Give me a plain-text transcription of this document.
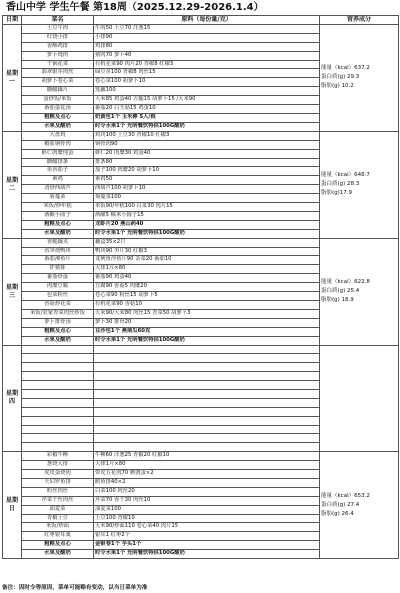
香山中学 学生午餐 第18周（2025.12.29-2026.1.4）
日期	菜名	原料（每份量/克）	营养成分
星期一	土豆牛肉	牛肉50 土豆70 洋葱15	能量（kcal）637.2
蛋白质(g) 29.3
脂肪(g) 10.2

	红烧小排	小排90	
	香酥鸡排	鸡排80	
	萝卜烧肉	猪肉70 萝卜40	
	干锅花菜	有机花菜90 肉片20 青椒8 红椒3	
	翡翠银芽肉丝	绿豆芽100 青椒8 肉丝15	
	胡萝卜卷心菜	卷心菜100 胡萝卜10	
	糖醋藕片	莲藕100	
	蛋炒饭/米饭	大米85 鸡蛋40 方腿15 胡萝卜15 /大米90	
	番茄蛋花汤	番茄20 白玉菇15 鸡蛋10	
	粗粮及点心	奶黄包1个 玉米棒 5人/根	
	水果及酸奶	时令水果1个 光明餐饮特供100G酸奶	
星期二	大盘鸡	鸡块100 土豆30 青椒10 红椒3	能量（kcal）648.7
蛋白质(g) 28.3
脂肪(g)17.9

	椒盐钢骨肉	钢骨肉90	
	虾仁肉糜炖蛋	虾仁20 肉糜30 鸡蛋40	
	糖醋排条	排条80	
	鱼香茄子	茄子100 肉糜20 胡萝卜10	
	素鸡	素鸡50	
	清炒西葫芦	西葫芦100 胡萝卜10	
	菊蔓菜	菊蔓菜100	
	米饭/炒年糕	米饭90/年糕100 白菜30 肉片15	
	酒酿小圆子	酒酿5 糯米小圆子15	
	粗粮及点心	龙虾片20 燕山药40	
	水果及酸奶	时令水果1个 光明餐饮特供100G酸奶	
星期三	香脆藕夹	藕盒35×2只	能量（kcal）622.8
蛋白质(g) 25.4
脂肪(g) 18.9

	香笋烧鸭块	鸭块90 笋片30 红椒3	
	番茄沸鱼片	龙利鱼沙鱼片90 杂菜20 番茄10	
	炸猪排	大排1片×80	
	番茄炒蛋	番茄90 鸡蛋40	
	肉糜豆腐	豆腐90 香菇5 肉糜20	
	包菜粉丝	卷心菜90 粉丝15 胡萝卜5	
	香菇炒花菜	有机花菜90 香菇10	
	米饭/农家青菜肉丝炒饭	大米90/大米80 肉丝15 青菜50 胡萝卜3	
	萝卜排骨汤	萝卜30 排骨20	
	粗粮及点心	豆沙包1个 燕南瓜60克	
	水果及酸奶	时令水果1个 光明餐饮特供100G酸奶	
星期四			

星期日	彩椒牛柳	牛柳60 洋葱25 青椒20 红椒10	能量（kcal）653.2
蛋白质(g) 27.4
脂肪(g) 26.4

	葱烧大排	大排1片×80	
	虎皮蛋烧肉	带皮五花肉70 鹌鹑蛋×2	
	天妇罗鱼排	鳕鱼排40×2	
	粉丝肉丝	白菜100 肉丝20	
	芹菜干丝肉丝	芹菜70 香干30 肉丝10	
	油麦菜	油麦菜100	
	青椒土豆	土豆100 青椒10	
	米饭/炒面	大米90/炒面110 卷心菜40 肉片15	
	红枣银耳羹	银耳1 红枣2个	
	粗粮及点心	金银卷1个 芋头1个	
	水果及酸奶	时令水果1个 光明餐饮特供100G酸奶	
备注：因时令等原因，菜单可能略有变动，以当日菜单为准
